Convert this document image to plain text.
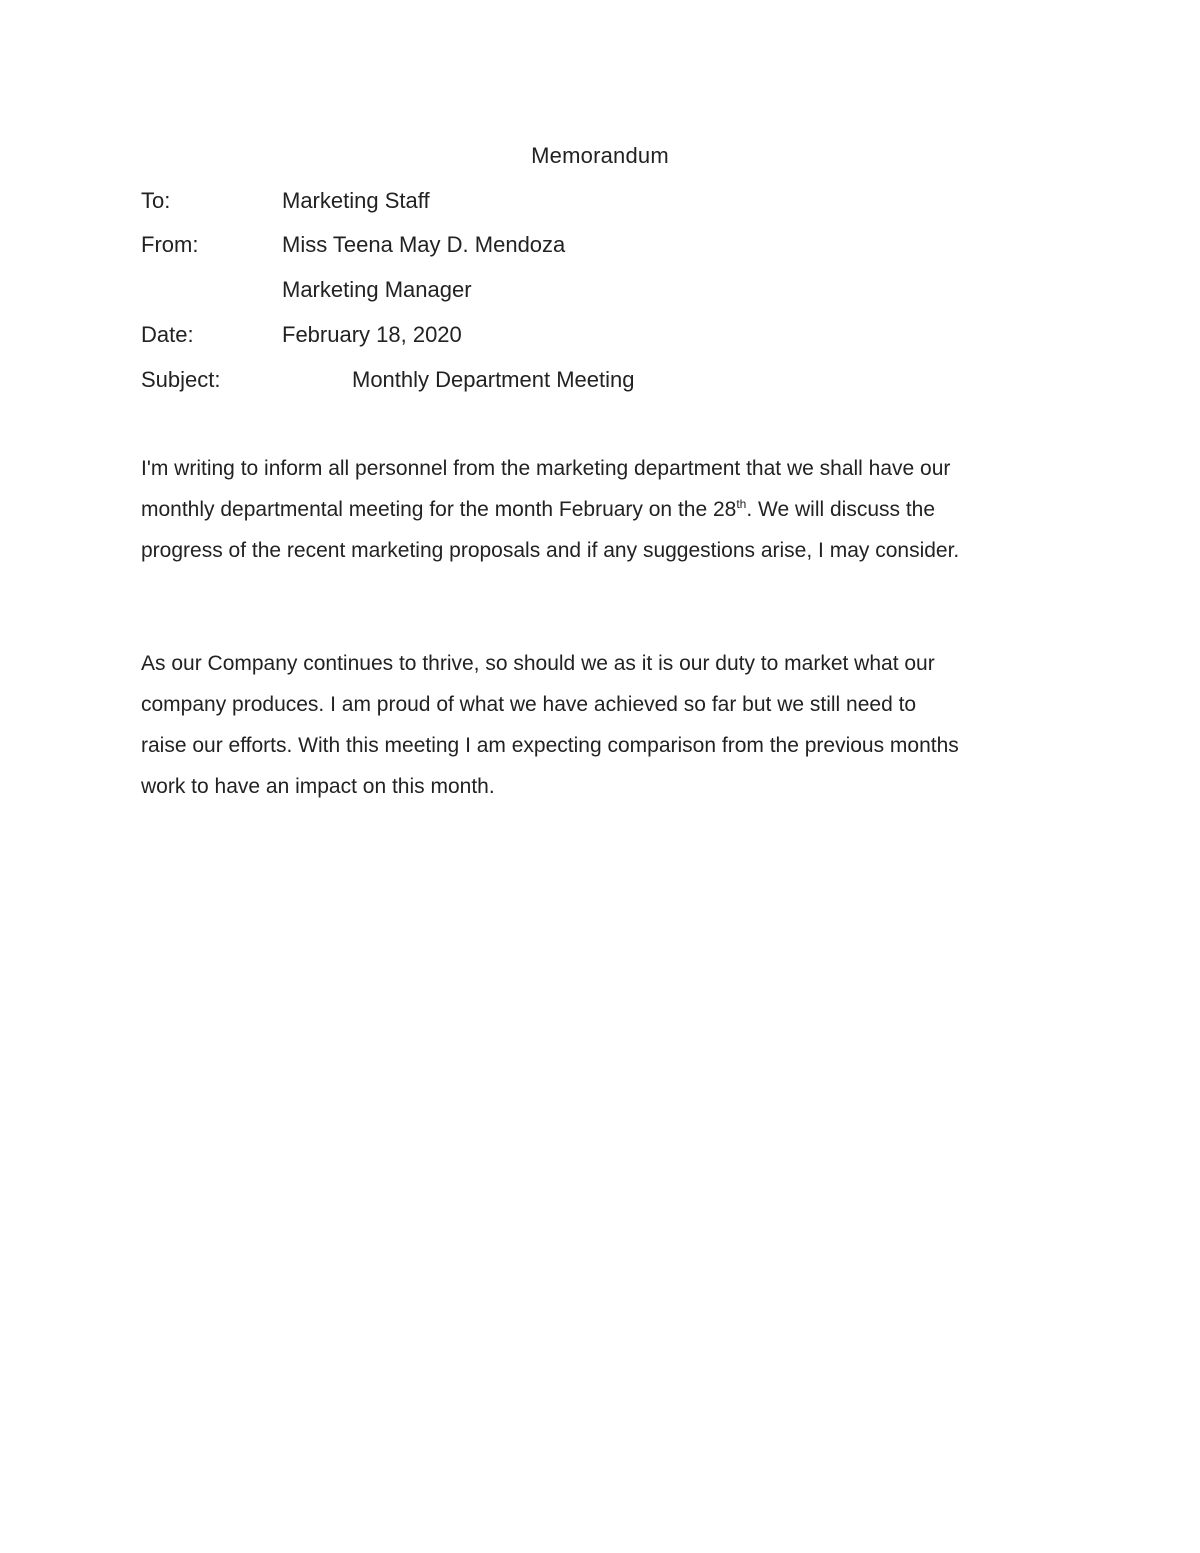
Memorandum
To:	Marketing Staff
From:	Miss Teena May D. Mendoza
Marketing Manager
Date:	February 18, 2020
Subject:	Monthly Department Meeting

I'm writing to inform all personnel from the marketing department that we shall have our

monthly departmental meeting for the month February on the 28th. We will discuss the

progress of the recent marketing proposals and if any suggestions arise, I may consider.

As our Company continues to thrive, so should we as it is our duty to market what our

company produces. I am proud of what we have achieved so far but we still need to

raise our efforts. With this meeting I am expecting comparison from the previous months

work to have an impact on this month.
